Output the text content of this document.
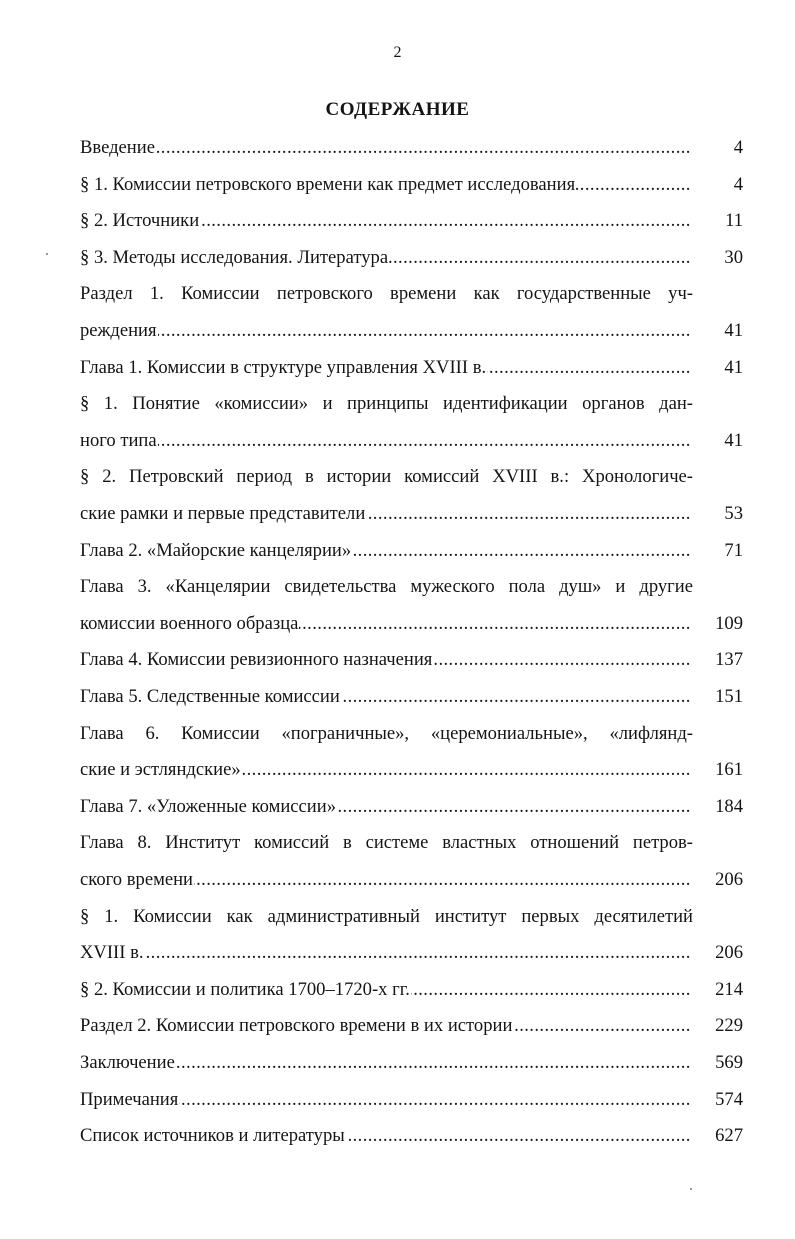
2
СОДЕРЖАНИЕ
Введение .....	4
§ 1. Комиссии петровского времени как предмет исследования .....	4
§ 2. Источники .....	11
§ 3. Методы исследования. Литература .....	30
Раздел 1. Комиссии петровского времени как государственные уч-
реждения .....	41
Глава 1. Комиссии в структуре управления XVIII в. .....	41
§ 1. Понятие «комиссии» и принципы идентификации органов дан-
ного типа .....	41
§ 2. Петровский период в истории комиссий XVIII в.: Хронологиче-
ские рамки и первые представители .....	53
Глава 2. «Майорские канцелярии» .....	71
Глава 3. «Канцелярии свидетельства мужеского пола душ» и другие
комиссии военного образца .....	109
Глава 4. Комиссии ревизионного назначения .....	137
Глава 5. Следственные комиссии .....	151
Глава 6. Комиссии «пограничные», «церемониальные», «лифлянд-
ские и эстляндские» .....	161
Глава 7. «Уложенные комиссии» .....	184
Глава 8. Институт комиссий в системе властных отношений петров-
ского времени .....	206
§ 1. Комиссии как административный институт первых десятилетий
XVIII в. .....	206
§ 2. Комиссии и политика 1700–1720-х гг. .....	214
Раздел 2. Комиссии петровского времени в их истории .....	229
Заключение .....	569
Примечания .....	574
Список источников и литературы .....	627
